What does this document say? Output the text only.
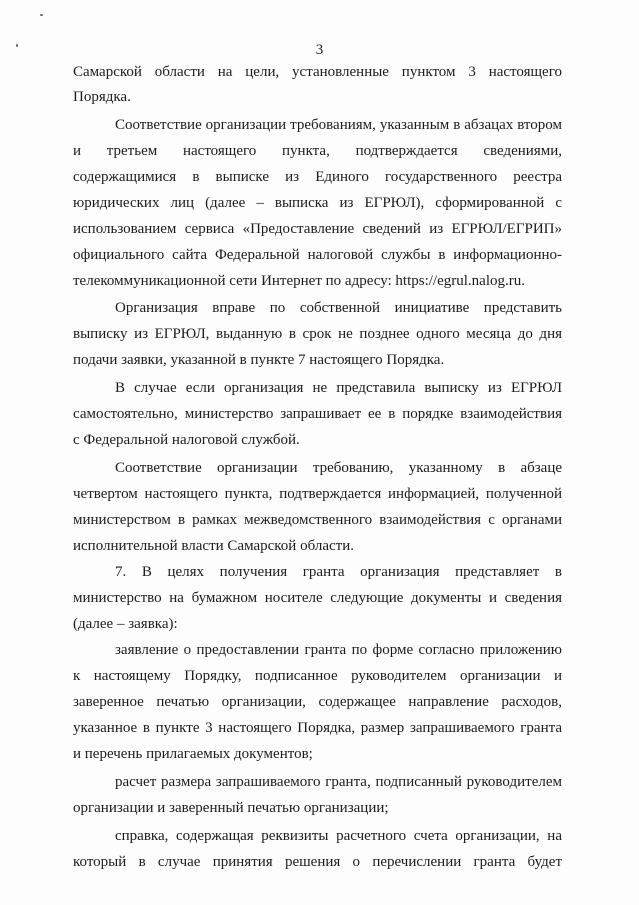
3
Самарской области на цели, установленные пунктом 3 настоящего
Порядка.
Соответствие организации требованиям, указанным в абзацах втором
и третьем настоящего пункта, подтверждается сведениями,
содержащимися в выписке из Единого государственного реестра
юридических лиц (далее – выписка из ЕГРЮЛ), сформированной с
использованием сервиса «Предоставление сведений из ЕГРЮЛ/ЕГРИП»
официального сайта Федеральной налоговой службы в информационно-
телекоммуникационной сети Интернет по адресу: https://egrul.nalog.ru.
Организация вправе по собственной инициативе представить
выписку из ЕГРЮЛ, выданную в срок не позднее одного месяца до дня
подачи заявки, указанной в пункте 7 настоящего Порядка.
В случае если организация не представила выписку из ЕГРЮЛ
самостоятельно, министерство запрашивает ее в порядке взаимодействия
с Федеральной налоговой службой.
Соответствие организации требованию, указанному в абзаце
четвертом настоящего пункта, подтверждается информацией, полученной
министерством в рамках межведомственного взаимодействия с органами
исполнительной власти Самарской области.
7. В целях получения гранта организация представляет в
министерство на бумажном носителе следующие документы и сведения
(далее – заявка):
заявление о предоставлении гранта по форме согласно приложению
к настоящему Порядку, подписанное руководителем организации и
заверенное печатью организации, содержащее направление расходов,
указанное в пункте 3 настоящего Порядка, размер запрашиваемого гранта
и перечень прилагаемых документов;
расчет размера запрашиваемого гранта, подписанный руководителем
организации и заверенный печатью организации;
справка, содержащая реквизиты расчетного счета организации, на
который в случае принятия решения о перечислении гранта будет
